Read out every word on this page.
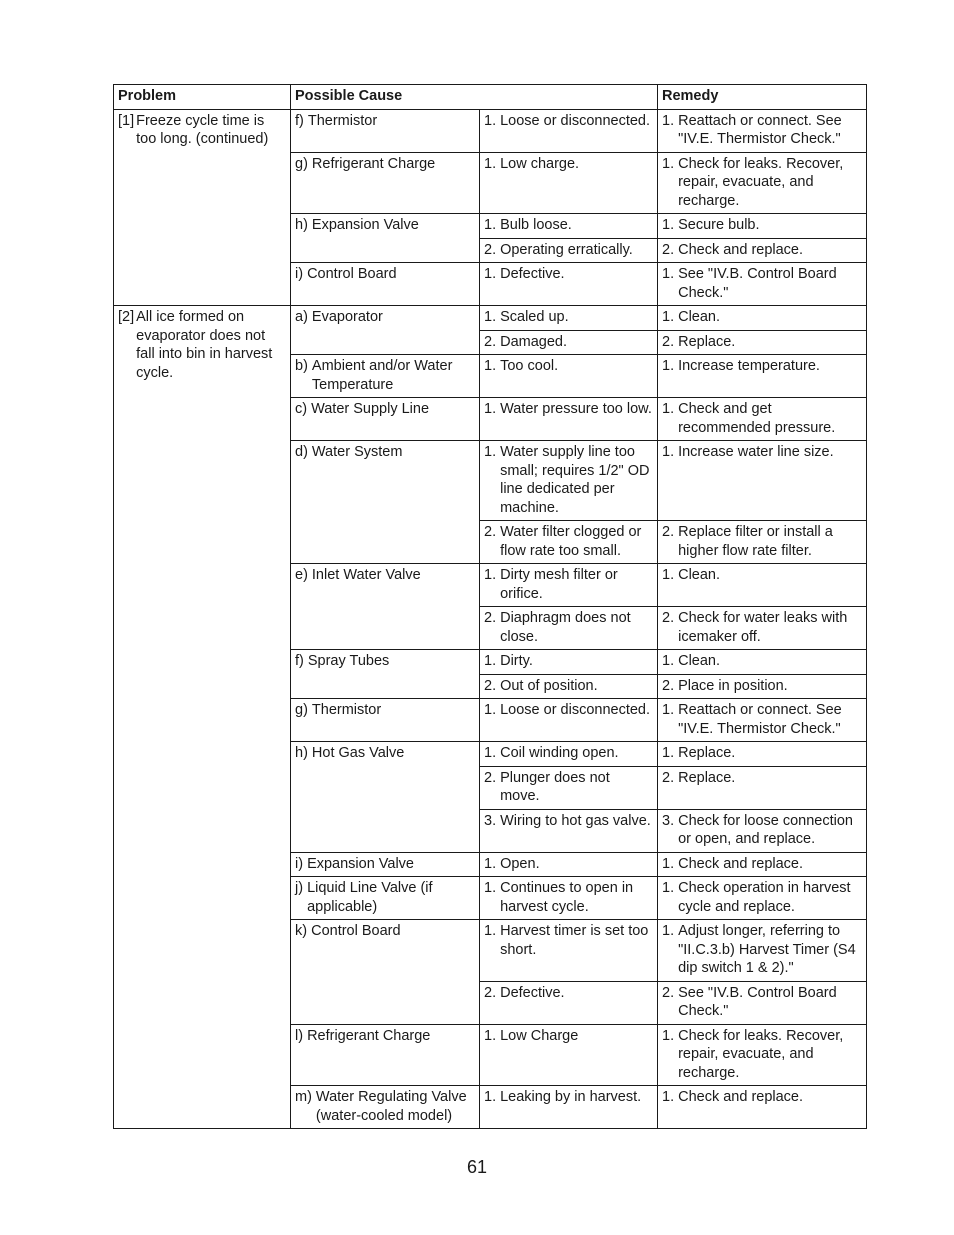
Problem	Possible Cause		Remedy

[1] Freeze cycle time is too long. (continued)	f) Thermistor	1. Loose or disconnected.	1. Reattach or connect. See "IV.E. Thermistor Check."

	g) Refrigerant Charge	1. Low charge.	1. Check for leaks. Recover, repair, evacuate, and recharge.

	h) Expansion Valve	1. Bulb loose.	1. Secure bulb.

		2. Operating erratically.	2. Check and replace.

	i) Control Board	1. Defective.	1. See "IV.B. Control Board Check."

[2] All ice formed on evaporator does not fall into bin in harvest cycle.	a) Evaporator	1. Scaled up.	1. Clean.

		2. Damaged.	2. Replace.

	b) Ambient and/or Water Temperature	1. Too cool.	1. Increase temperature.

	c) Water Supply Line	1. Water pressure too low.	1. Check and get recommended pressure.

	d) Water System	1. Water supply line too small; requires 1/2" OD line dedicated per machine.	1. Increase water line size.

		2. Water filter clogged or flow rate too small.	2. Replace filter or install a higher flow rate filter.

	e) Inlet Water Valve	1. Dirty mesh filter or orifice.	1. Clean.

		2. Diaphragm does not close.	2. Check for water leaks with icemaker off.

	f) Spray Tubes	1. Dirty.	1. Clean.

		2. Out of position.	2. Place in position.

	g) Thermistor	1. Loose or disconnected.	1. Reattach or connect. See "IV.E. Thermistor Check."

	h) Hot Gas Valve	1. Coil winding open.	1. Replace.

		2. Plunger does not move.	2. Replace.

		3. Wiring to hot gas valve.	3. Check for loose connection or open, and replace.

	i) Expansion Valve	1. Open.	1. Check and replace.

	j) Liquid Line Valve (if applicable)	1. Continues to open in harvest cycle.	1. Check operation in harvest cycle and replace.

	k) Control Board	1. Harvest timer is set too short.	1. Adjust longer, referring to "II.C.3.b) Harvest Timer (S4 dip switch 1 & 2)."

		2. Defective.	2. See "IV.B. Control Board Check."

	l) Refrigerant Charge	1. Low Charge	1. Check for leaks. Recover, repair, evacuate, and recharge.

	m) Water Regulating Valve (water-cooled model)	1. Leaking by in harvest.	1. Check and replace.
61
